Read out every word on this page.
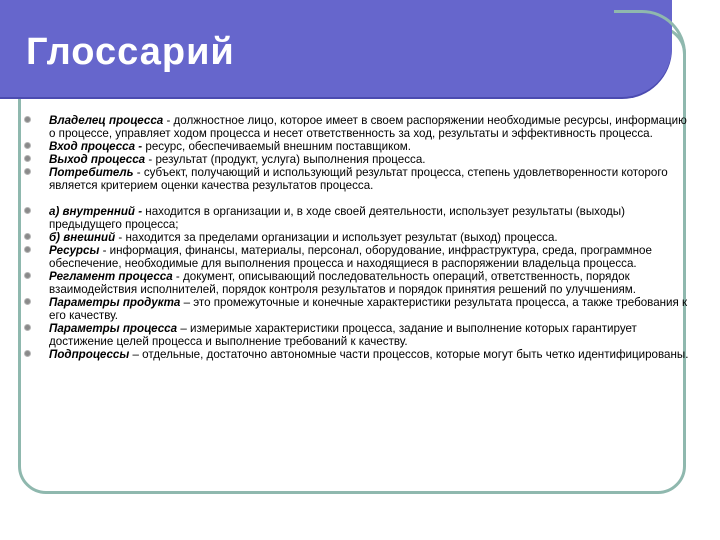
Глоссарий
Владелец процесса - должностное лицо, которое имеет в своем распоряжении необходимые ресурсы, информацию о процессе, управляет ходом процесса и несет ответственность за ход, результаты и эффективность процесса.
Вход процесса - ресурс, обеспечиваемый внешним поставщиком.
Выход процесса - результат (продукт, услуга) выполнения процесса.
Потребитель - субъект, получающий и использующий результат процесса, степень удовлетворенности которого является критерием оценки качества результатов процесса.
а) внутренний - находится в организации и, в ходе своей деятельности, использует результаты (выходы) предыдущего процесса;
б) внешний - находится за пределами организации и использует результат (выход) процесса.
Ресурсы - информация, финансы, материалы, персонал, оборудование, инфраструктура, среда, программное обеспечение, необходимые для выполнения процесса и находящиеся в распоряжении владельца процесса.
Регламент процесса - документ, описывающий последовательность операций, ответственность, порядок взаимодействия исполнителей, порядок контроля результатов и порядок принятия решений по улучшениям.
Параметры продукта – это промежуточные и конечные характеристики результата процесса, а также требования к его качеству.
Параметры процесса – измеримые характеристики процесса, задание и выполнение которых гарантирует достижение целей процесса и выполнение требований к качеству.
Подпроцессы – отдельные, достаточно автономные части процессов, которые могут быть четко идентифицированы.
